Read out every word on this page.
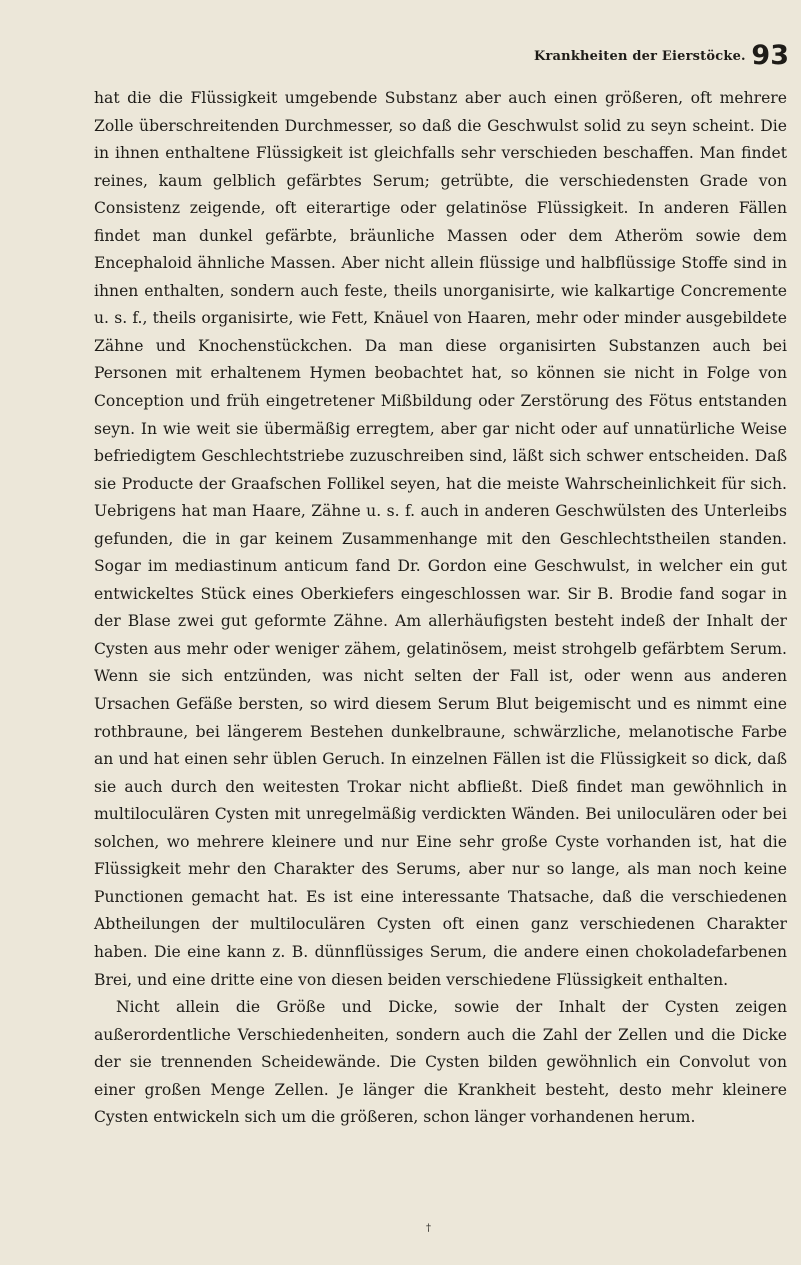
Krankheiten der Eierstöcke. 93

hat die die Flüssigkeit umgebende Substanz aber auch einen größeren, oft mehrere Zolle überschreitenden Durchmesser, so daß die Geschwulst solid zu seyn scheint. Die in ihnen enthaltene Flüssigkeit ist gleichfalls sehr verschieden beschaffen. Man findet reines, kaum gelblich gefärbtes Serum; getrübte, die verschiedensten Grade von Consistenz zeigende, oft eiterartige oder gelatinöse Flüssigkeit. In anderen Fällen findet man dunkel gefärbte, bräunliche Massen oder dem Atheröm sowie dem Encephaloid ähnliche Massen. Aber nicht allein flüssige und halbflüssige Stoffe sind in ihnen enthalten, sondern auch feste, theils unorganisirte, wie kalkartige Concremente u. s. f., theils organisirte, wie Fett, Knäuel von Haaren, mehr oder minder ausgebildete Zähne und Knochenstückchen. Da man diese organisirten Substanzen auch bei Personen mit erhaltenem Hymen beobachtet hat, so können sie nicht in Folge von Conception und früh eingetretener Mißbildung oder Zerstörung des Fötus entstanden seyn. In wie weit sie übermäßig erregtem, aber gar nicht oder auf unnatürliche Weise befriedigtem Geschlechtstriebe zuzuschreiben sind, läßt sich schwer entscheiden. Daß sie Producte der Graafschen Follikel seyen, hat die meiste Wahrscheinlichkeit für sich. Uebrigens hat man Haare, Zähne u. s. f. auch in anderen Geschwülsten des Unterleibs gefunden, die in gar keinem Zusammenhange mit den Geschlechtstheilen standen. Sogar im mediastinum anticum fand Dr. Gordon eine Geschwulst, in welcher ein gut entwickeltes Stück eines Oberkiefers eingeschlossen war. Sir B. Brodie fand sogar in der Blase zwei gut geformte Zähne. Am allerhäufigsten besteht indeß der Inhalt der Cysten aus mehr oder weniger zähem, gelatinösem, meist strohgelb gefärbtem Serum. Wenn sie sich entzünden, was nicht selten der Fall ist, oder wenn aus anderen Ursachen Gefäße bersten, so wird diesem Serum Blut beigemischt und es nimmt eine rothbraune, bei längerem Bestehen dunkelbraune, schwärzliche, melanotische Farbe an und hat einen sehr üblen Geruch. In einzelnen Fällen ist die Flüssigkeit so dick, daß sie auch durch den weitesten Trokar nicht abfließt. Dieß findet man gewöhnlich in multiloculären Cysten mit unregelmäßig verdickten Wänden. Bei uniloculären oder bei solchen, wo mehrere kleinere und nur Eine sehr große Cyste vorhanden ist, hat die Flüssigkeit mehr den Charakter des Serums, aber nur so lange, als man noch keine Punctionen gemacht hat. Es ist eine interessante Thatsache, daß die verschiedenen Abtheilungen der multiloculären Cysten oft einen ganz verschiedenen Charakter haben. Die eine kann z. B. dünnflüssiges Serum, die andere einen chokoladefarbenen Brei, und eine dritte eine von diesen beiden verschiedene Flüssigkeit enthalten.

Nicht allein die Größe und Dicke, sowie der Inhalt der Cysten zeigen außerordentliche Verschiedenheiten, sondern auch die Zahl der Zellen und die Dicke der sie trennenden Scheidewände. Die Cysten bilden gewöhnlich ein Convolut von einer großen Menge Zellen. Je länger die Krankheit besteht, desto mehr kleinere Cysten entwickeln sich um die größeren, schon länger vorhandenen herum.

†
